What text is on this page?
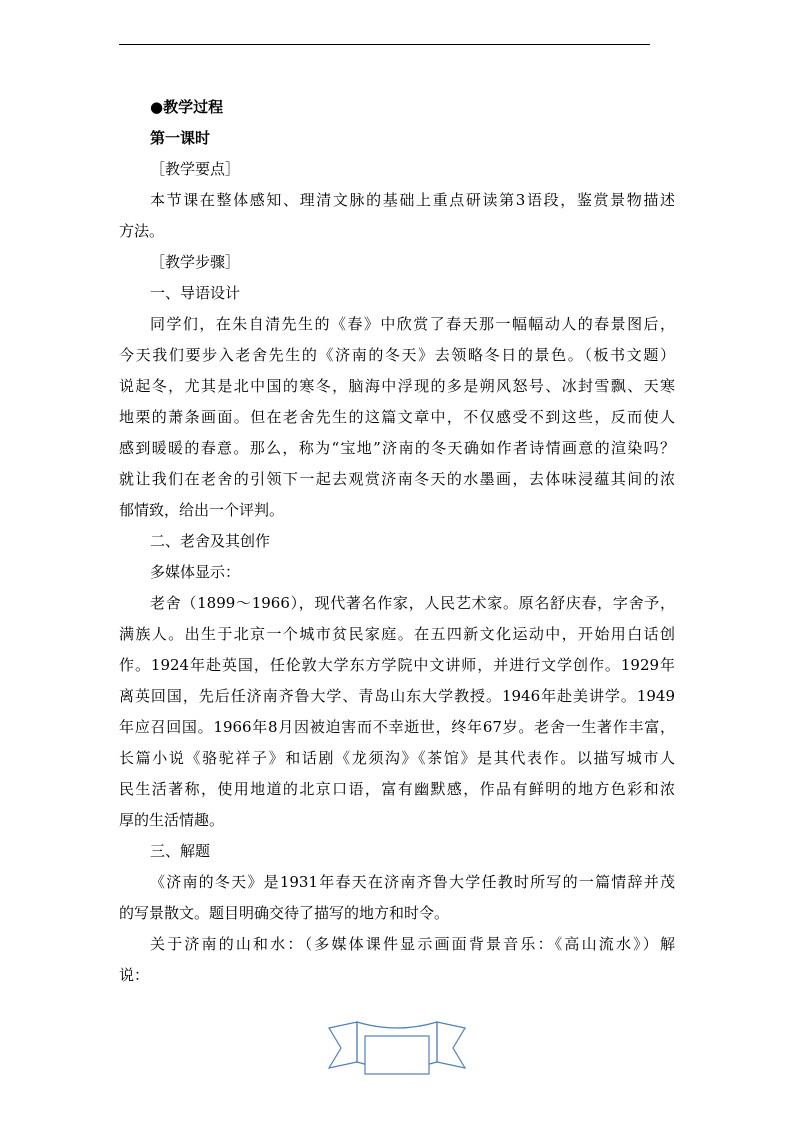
●教学过程
第一课时
［教学要点］
本节课在整体感知、理清文脉的基础上重点研读第3语段，鉴赏景物描述
方法。
［教学步骤］
一、导语设计
同学们，在朱自清先生的《春》中欣赏了春天那一幅幅动人的春景图后，
今天我们要步入老舍先生的《济南的冬天》去领略冬日的景色。（板书文题）
说起冬，尤其是北中国的寒冬，脑海中浮现的多是朔风怒号、冰封雪飘、天寒
地栗的萧条画面。但在老舍先生的这篇文章中，不仅感受不到这些，反而使人
感到暖暖的春意。那么，称为“宝地”济南的冬天确如作者诗情画意的渲染吗？
就让我们在老舍的引领下一起去观赏济南冬天的水墨画，去体味浸蕴其间的浓
郁情致，给出一个评判。
二、老舍及其创作
多媒体显示：
老舍（1899～1966），现代著名作家，人民艺术家。原名舒庆春，字舍予，
满族人。出生于北京一个城市贫民家庭。在五四新文化运动中，开始用白话创
作。1924年赴英国，任伦敦大学东方学院中文讲师，并进行文学创作。1929年
离英回国，先后任济南齐鲁大学、青岛山东大学教授。1946年赴美讲学。1949
年应召回国。1966年8月因被迫害而不幸逝世，终年67岁。老舍一生著作丰富，
长篇小说《骆驼祥子》和话剧《龙须沟》《茶馆》是其代表作。以描写城市人
民生活著称，使用地道的北京口语，富有幽默感，作品有鲜明的地方色彩和浓
厚的生活情趣。
三、解题
《济南的冬天》是1931年春天在济南齐鲁大学任教时所写的一篇情辞并茂
的写景散文。题目明确交待了描写的地方和时令。
关于济南的山和水：（多媒体课件显示画面背景音乐：《高山流水》）解
说：
